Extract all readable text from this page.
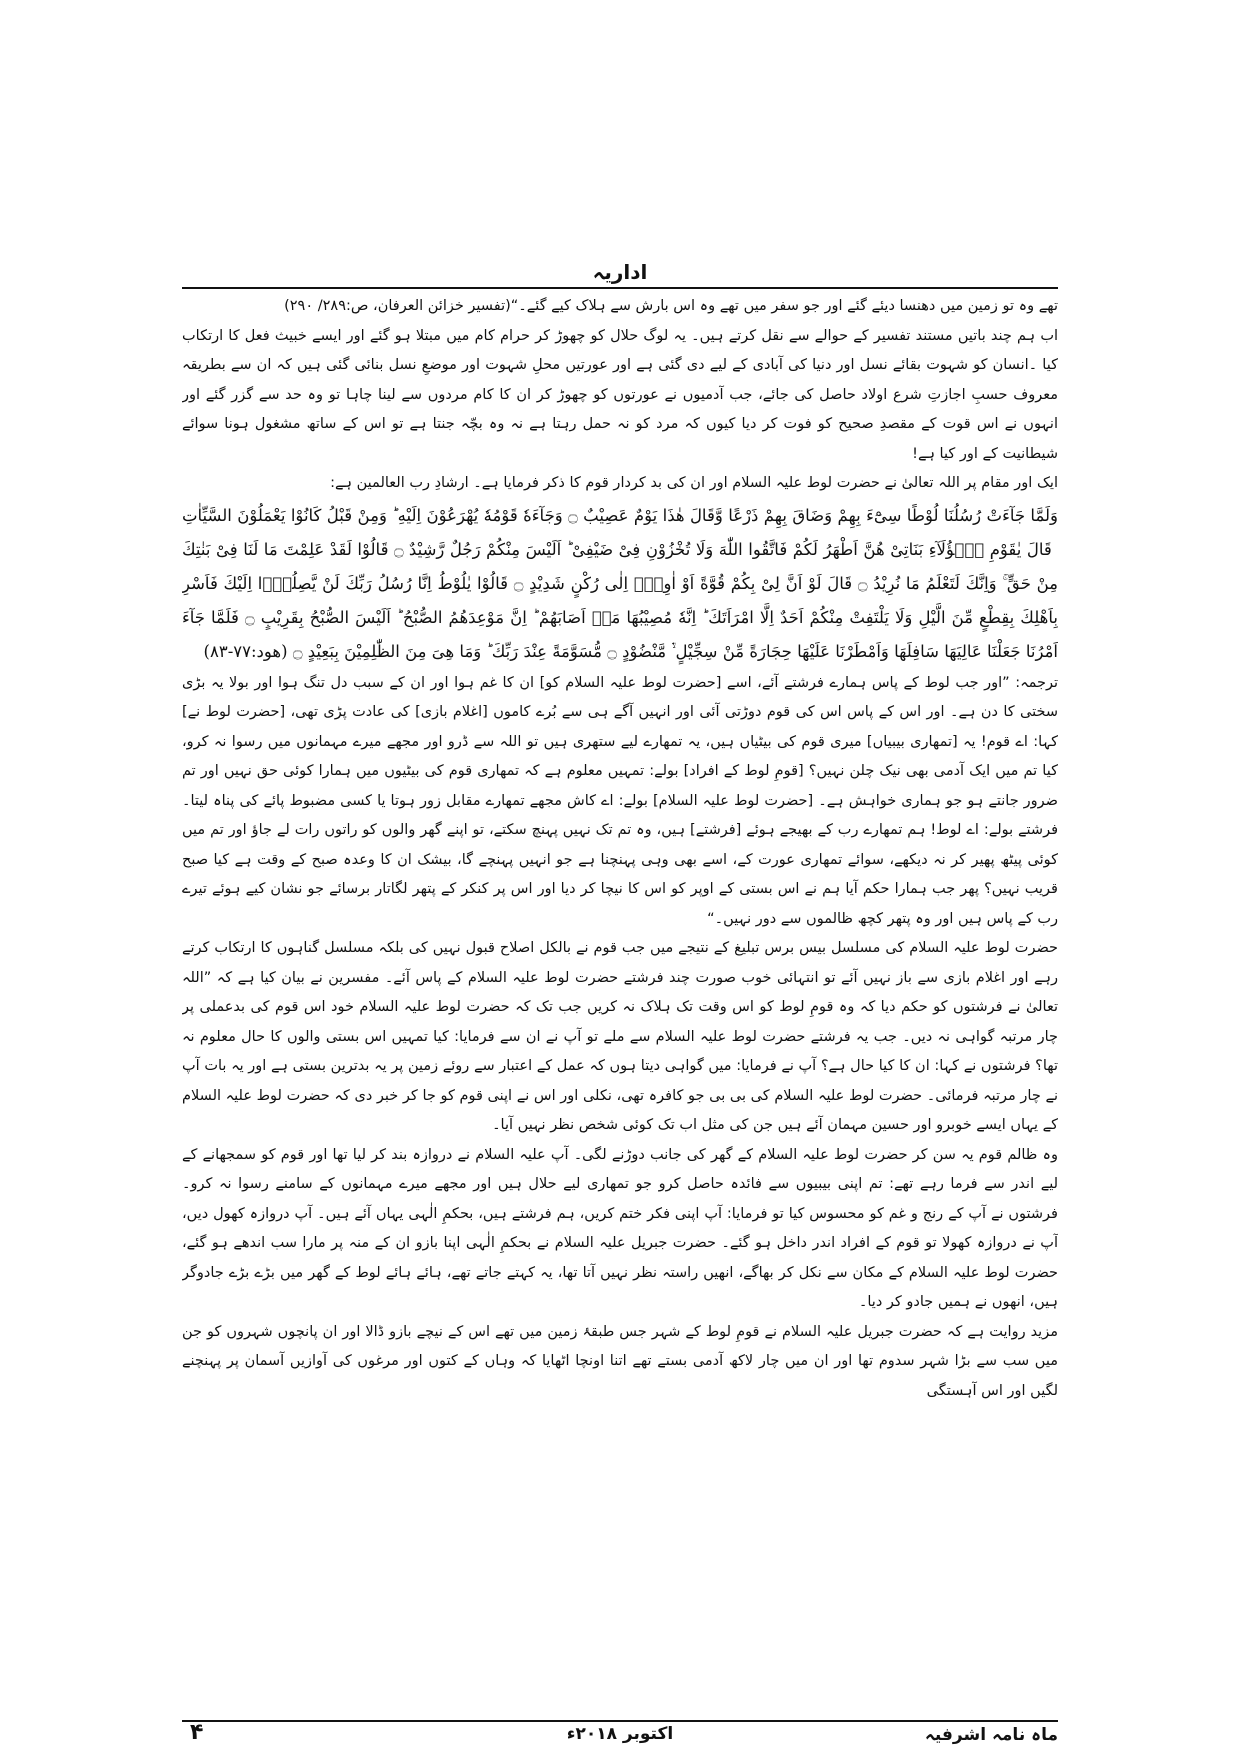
اداریہ

تھے وہ تو زمین میں دھنسا دیئے گئے اور جو سفر میں تھے وہ اس بارش سے ہلاک کیے گئے۔“(تفسیر خزائن العرفان، ص:۲۸۹/ ۲۹۰)

اب ہم چند باتیں مستند تفسیر کے حوالے سے نقل کرتے ہیں۔ یہ لوگ حلال کو چھوڑ کر حرام کام میں مبتلا ہو گئے اور ایسے خبیث فعل کا ارتکاب کیا ۔انسان کو شہوت بقائے نسل اور دنیا کی آبادی کے لیے دی گئی ہے اور عورتیں محلِ شہوت اور موضعِ نسل بنائی گئی ہیں کہ ان سے بطریقہ معروف حسبِ اجازتِ شرع اولاد حاصل کی جائے، جب آدمیوں نے عورتوں کو چھوڑ کر ان کا کام مردوں سے لینا چاہا تو وہ حد سے گزر گئے اور انہوں نے اس قوت کے مقصدِ صحیح کو فوت کر دیا کیوں کہ مرد کو نہ حمل رہتا ہے نہ وہ بچّہ جنتا ہے تو اس کے ساتھ مشغول ہونا سوائے شیطانیت کے اور کیا ہے!

ایک اور مقام پر اللہ تعالیٰ نے حضرت لوط علیہ السلام اور ان کی بد کردار قوم کا ذکر فرمایا ہے۔ ارشادِ رب العالمین ہے:

وَلَمَّا جَآءَتْ رُسُلُنَا لُوْطًا سِیْٓءَ بِهِمْ وَضَاقَ بِهِمْ ذَرْعًا وَّقَالَ هٰذَا یَوْمٌ عَصِیْبٌ ۝ وَجَآءَهٗ قَوْمُهٗ یُهْرَعُوْنَ اِلَیْهِ ؕ وَمِنْ قَبْلُ كَانُوْا یَعْمَلُوْنَ السَّیِّاٰتِ ؕ قَالَ یٰقَوْمِ هٰۤؤُلَآءِ بَنَاتِیْ هُنَّ اَطْهَرُ لَكُمْ فَاتَّقُوا اللّٰهَ وَلَا تُخْزُوْنِ فِیْ ضَیْفِیْ ؕ اَلَیْسَ مِنْكُمْ رَجُلٌ رَّشِیْدٌ ۝ قَالُوْا لَقَدْ عَلِمْتَ مَا لَنَا فِیْ بَنٰتِكَ مِنْ حَقٍّ ۚ وَاِنَّكَ لَتَعْلَمُ مَا نُرِیْدُ ۝ قَالَ لَوْ اَنَّ لِیْ بِكُمْ قُوَّةً اَوْ اٰوِیْۤ اِلٰى رُكْنٍ شَدِیْدٍ ۝ قَالُوْا یٰلُوْطُ اِنَّا رُسُلُ رَبِّكَ لَنْ یَّصِلُوْۤا اِلَیْكَ فَاَسْرِ بِاَهْلِكَ بِقِطْعٍ مِّنَ الَّیْلِ وَلَا یَلْتَفِتْ مِنْكُمْ اَحَدٌ اِلَّا امْرَاَتَكَ ؕ اِنَّهٗ مُصِیْبُهَا مَاۤ اَصَابَهُمْ ؕ اِنَّ مَوْعِدَهُمُ الصُّبْحُ ؕ اَلَیْسَ الصُّبْحُ بِقَرِیْبٍ ۝ فَلَمَّا جَآءَ اَمْرُنَا جَعَلْنَا عَالِیَهَا سَافِلَهَا وَاَمْطَرْنَا عَلَیْهَا حِجَارَةً مِّنْ سِجِّیْلٍ ۙ۬ مَّنْضُوْدٍ ۝ مُّسَوَّمَةً عِنْدَ رَبِّكَ ؕ وَمَا هِیَ مِنَ الظّٰلِمِیْنَ بِبَعِیْدٍ ۝ (ھود:۷۷-۸۳)

ترجمہ: ”اور جب لوط کے پاس ہمارے فرشتے آئے، اسے [حضرت لوط علیہ السلام کو] ان کا غم ہوا اور ان کے سبب دل تنگ ہوا اور بولا یہ بڑی سختی کا دن ہے۔ اور اس کے پاس اس کی قوم دوڑتی آئی اور انہیں آگے ہی سے بُرے کاموں [اغلام بازی] کی عادت پڑی تھی، [حضرت لوط نے] کہا: اے قوم! یہ [تمھاری بیبیاں] میری قوم کی بیٹیاں ہیں، یہ تمھارے لیے ستھری ہیں تو اللہ سے ڈرو اور مجھے میرے مہمانوں میں رسوا نہ کرو، کیا تم میں ایک آدمی بھی نیک چلن نہیں؟ [قومِ لوط کے افراد] بولے: تمہیں معلوم ہے کہ تمھاری قوم کی بیٹیوں میں ہمارا کوئی حق نہیں اور تم ضرور جانتے ہو جو ہماری خواہش ہے۔ [حضرت لوط علیہ السلام] بولے: اے کاش مجھے تمھارے مقابل زور ہوتا یا کسی مضبوط پائے کی پناہ لیتا۔ فرشتے بولے: اے لوط! ہم تمھارے رب کے بھیجے ہوئے [فرشتے] ہیں، وہ تم تک نہیں پہنچ سکتے، تو اپنے گھر والوں کو راتوں رات لے جاؤ اور تم میں کوئی پیٹھ پھیر کر نہ دیکھے، سوائے تمھاری عورت کے، اسے بھی وہی پہنچنا ہے جو انہیں پہنچے گا، بیشک ان کا وعدہ صبح کے وقت ہے کیا صبح قریب نہیں؟ پھر جب ہمارا حکم آیا ہم نے اس بستی کے اوپر کو اس کا نیچا کر دیا اور اس پر کنکر کے پتھر لگاتار برسائے جو نشان کیے ہوئے تیرے رب کے پاس ہیں اور وہ پتھر کچھ ظالموں سے دور نہیں۔“

حضرت لوط علیہ السلام کی مسلسل بیس برس تبلیغ کے نتیجے میں جب قوم نے بالکل اصلاح قبول نہیں کی بلکہ مسلسل گناہوں کا ارتکاب کرتے رہے اور اغلام بازی سے باز نہیں آئے تو انتہائی خوب صورت چند فرشتے حضرت لوط علیہ السلام کے پاس آئے۔ مفسرین نے بیان کیا ہے کہ ”اللہ تعالیٰ نے فرشتوں کو حکم دیا کہ وہ قومِ لوط کو اس وقت تک ہلاک نہ کریں جب تک کہ حضرت لوط علیہ السلام خود اس قوم کی بدعملی پر چار مرتبہ گواہی نہ دیں۔ جب یہ فرشتے حضرت لوط علیہ السلام سے ملے تو آپ نے ان سے فرمایا: کیا تمہیں اس بستی والوں کا حال معلوم نہ تھا؟ فرشتوں نے کہا: ان کا کیا حال ہے؟ آپ نے فرمایا: میں گواہی دیتا ہوں کہ عمل کے اعتبار سے روئے زمین پر یہ بدترین بستی ہے اور یہ بات آپ نے چار مرتبہ فرمائی۔ حضرت لوط علیہ السلام کی بی بی جو کافرہ تھی، نکلی اور اس نے اپنی قوم کو جا کر خبر دی کہ حضرت لوط علیہ السلام کے یہاں ایسے خوبرو اور حسین مہمان آئے ہیں جن کی مثل اب تک کوئی شخص نظر نہیں آیا۔

وہ ظالم قوم یہ سن کر حضرت لوط علیہ السلام کے گھر کی جانب دوڑنے لگی۔ آپ علیہ السلام نے دروازہ بند کر لیا تھا اور قوم کو سمجھانے کے لیے اندر سے فرما رہے تھے: تم اپنی بیبیوں سے فائدہ حاصل کرو جو تمھاری لیے حلال ہیں اور مجھے میرے مہمانوں کے سامنے رسوا نہ کرو۔ فرشتوں نے آپ کے رنج و غم کو محسوس کیا تو فرمایا: آپ اپنی فکر ختم کریں، ہم فرشتے ہیں، بحکمِ الٰہی یہاں آئے ہیں۔ آپ دروازہ کھول دیں، آپ نے دروازہ کھولا تو قوم کے افراد اندر داخل ہو گئے۔ حضرت جبریل علیہ السلام نے بحکمِ الٰہی اپنا بازو ان کے منہ پر مارا سب اندھے ہو گئے، حضرت لوط علیہ السلام کے مکان سے نکل کر بھاگے، انھیں راستہ نظر نہیں آتا تھا، یہ کہتے جاتے تھے، ہائے ہائے لوط کے گھر میں بڑے بڑے جادوگر ہیں، انھوں نے ہمیں جادو کر دیا۔

مزید روایت ہے کہ حضرت جبریل علیہ السلام نے قومِ لوط کے شہر جس طبقۂ زمین میں تھے اس کے نیچے بازو ڈالا اور ان پانچوں شہروں کو جن میں سب سے بڑا شہر سدوم تھا اور ان میں چار لاکھ آدمی بستے تھے اتنا اونچا اٹھایا کہ وہاں کے کتوں اور مرغوں کی آوازیں آسمان پر پہنچنے لگیں اور اس آہستگی

ماہ نامہ اشرفیہ
اکتوبر ۲۰۱۸ء
۴
